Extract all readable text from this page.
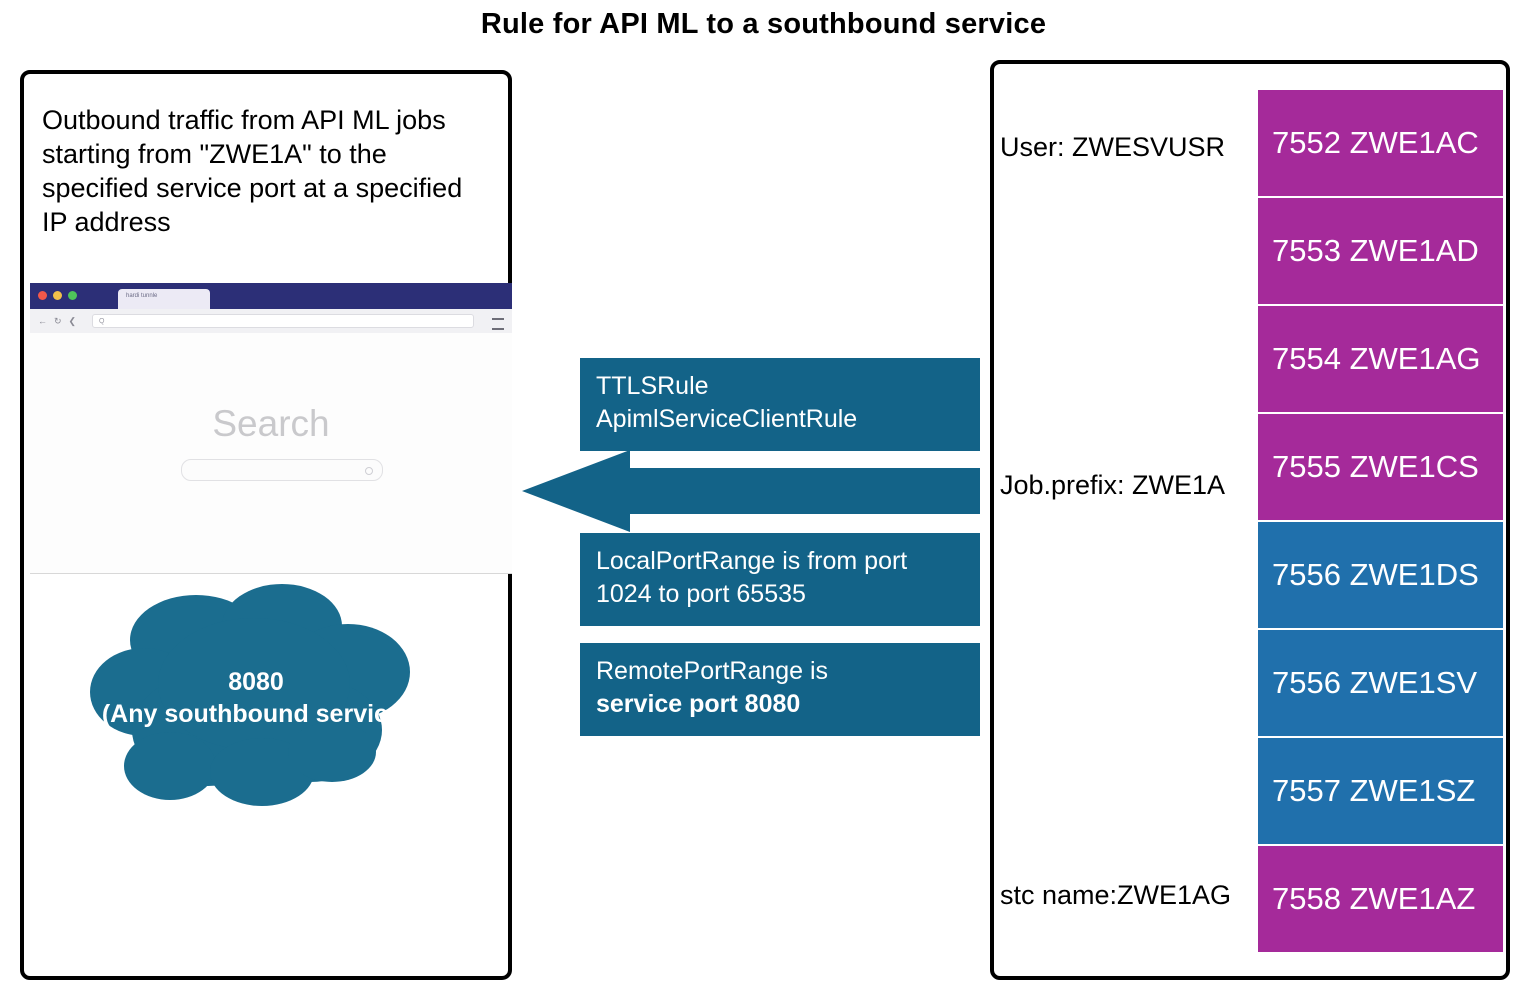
Rule for API ML to a southbound service
Outbound traffic from API ML jobs starting from "ZWE1A" to the specified service port at a specified IP address
hardi tunnle
←↻❮	Q
Search
8080
(Any southbound service)
TTLSRule
ApimlServiceClientRule
LocalPortRange is from port 1024 to port 65535
RemotePortRange is
service port 8080
User: ZWESVUSR
Job.prefix: ZWE1A
stc name:ZWE1AG
7552 ZWE1AC
7553 ZWE1AD
7554 ZWE1AG
7555 ZWE1CS
7556 ZWE1DS
7556 ZWE1SV
7557 ZWE1SZ
7558 ZWE1AZ
